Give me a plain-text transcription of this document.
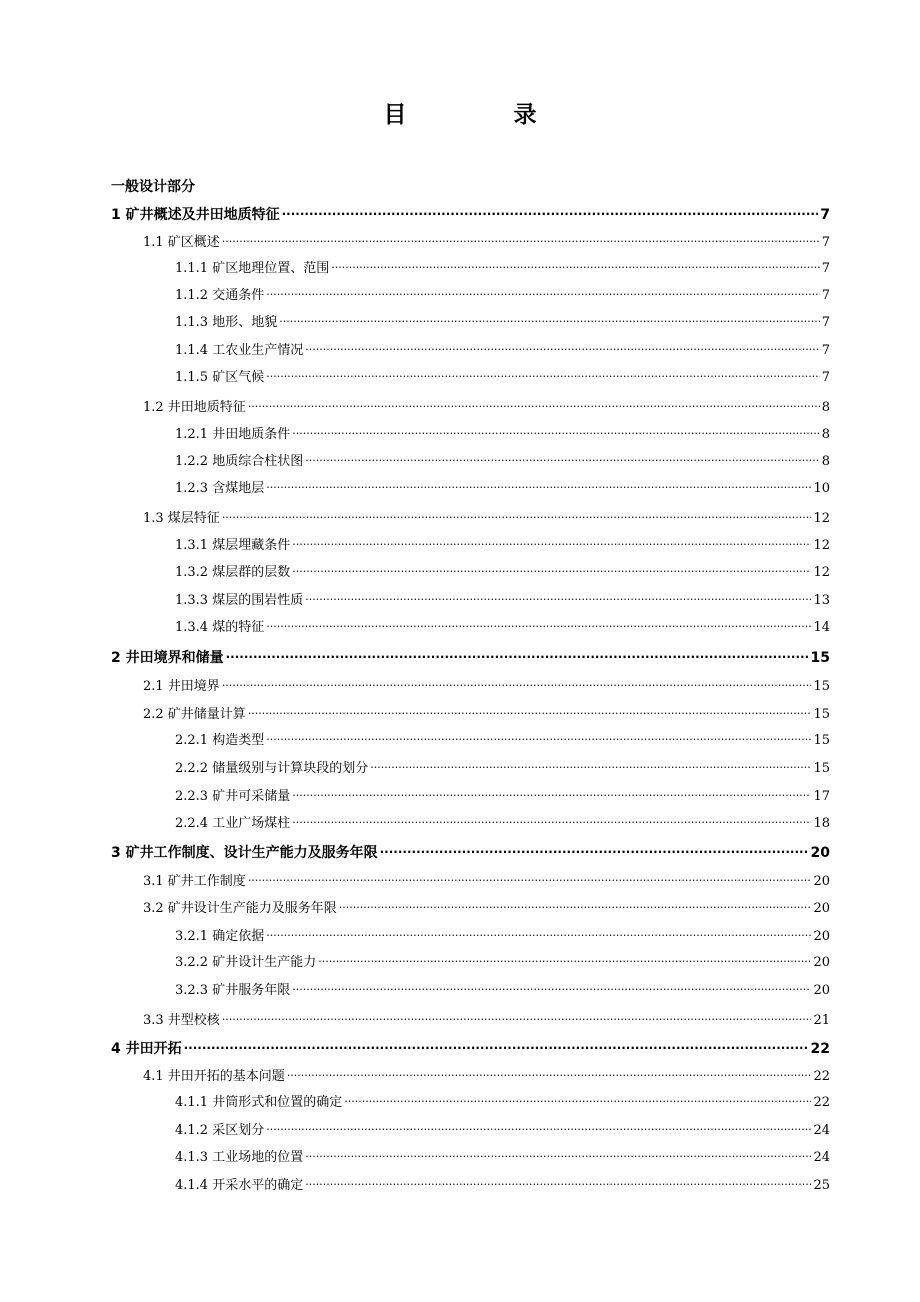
目　录
一般设计部分
1 矿井概述及井田地质特征 ·····	7
1.1 矿区概述 ·····	7
1.1.1 矿区地理位置、范围 ·····	7
1.1.2 交通条件 ·····	7
1.1.3 地形、地貌 ·····	7
1.1.4 工农业生产情况 ·····	7
1.1.5 矿区气候 ·····	7
1.2 井田地质特征 ·····	8
1.2.1 井田地质条件 ·····	8
1.2.2 地质综合柱状图 ·····	8
1.2.3 含煤地层 ·····	10
1.3 煤层特征 ·····	12
1.3.1 煤层埋藏条件 ·····	12
1.3.2 煤层群的层数 ·····	12
1.3.3 煤层的围岩性质 ·····	13
1.3.4 煤的特征 ·····	14
2 井田境界和储量 ·····	15
2.1 井田境界 ·····	15
2.2 矿井储量计算 ·····	15
2.2.1 构造类型 ·····	15
2.2.2 储量级别与计算块段的划分 ·····	15
2.2.3 矿井可采储量 ·····	17
2.2.4 工业广场煤柱 ·····	18
3 矿井工作制度、设计生产能力及服务年限 ·····	20
3.1 矿井工作制度 ·····	20
3.2 矿井设计生产能力及服务年限 ·····	20
3.2.1 确定依据 ·····	20
3.2.2 矿井设计生产能力 ·····	20
3.2.3 矿井服务年限 ·····	20
3.3 井型校核 ·····	21
4 井田开拓 ·····	22
4.1 井田开拓的基本问题 ·····	22
4.1.1 井筒形式和位置的确定 ·····	22
4.1.2 采区划分 ·····	24
4.1.3 工业场地的位置 ·····	24
4.1.4 开采水平的确定 ·····	25
